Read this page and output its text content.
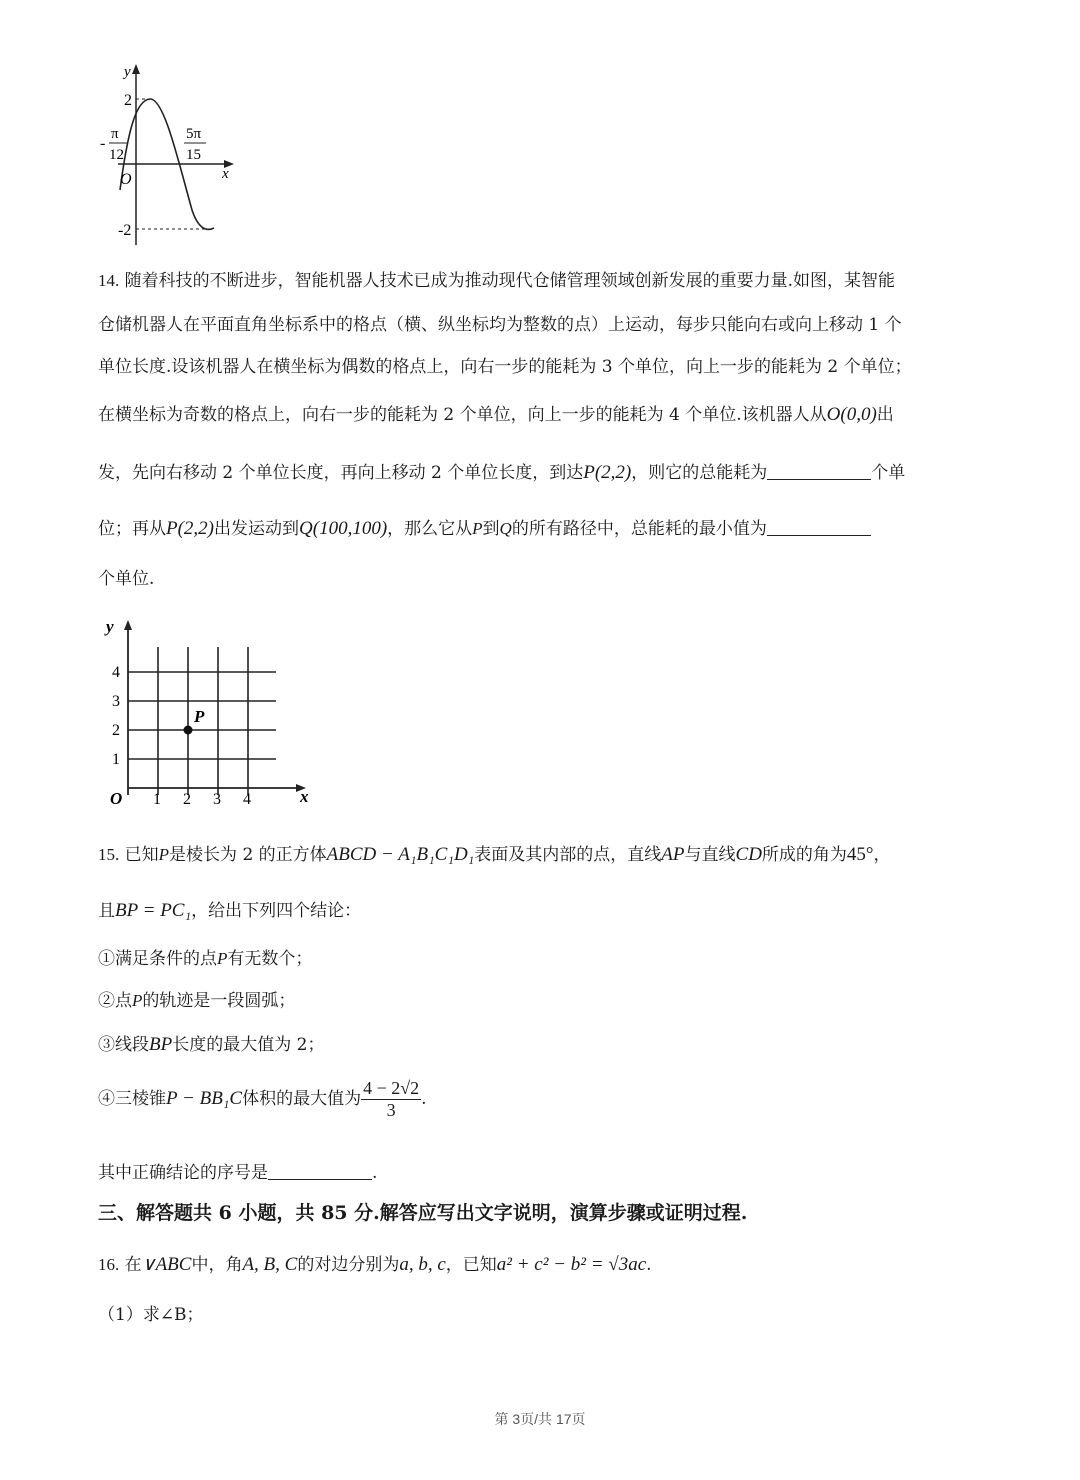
y
x
O
2
-2
-
π
12
5π
15
14. 随着科技的不断进步，智能机器人技术已成为推动现代仓储管理领域创新发展的重要力量.如图，某智能
仓储机器人在平面直角坐标系中的格点（横、纵坐标均为整数的点）上运动，每步只能向右或向上移动 1 个
单位长度.设该机器人在横坐标为偶数的格点上，向右一步的能耗为 3 个单位，向上一步的能耗为 2 个单位；
在横坐标为奇数的格点上，向右一步的能耗为 2 个单位，向上一步的能耗为 4 个单位.该机器人从O(0,0)出
发，先向右移动 2 个单位长度，再向上移动 2 个单位长度，到达P(2,2)，则它的总能耗为	个单
位；再从P(2,2)出发运动到Q(100,100)，那么它从P到Q的所有路径中，总能耗的最小值为
个单位.
P
y
x
O 1 2 3 4
1
2
3
4
15. 已知P是棱长为 2 的正方体ABCD − A₁B₁C₁D₁表面及其内部的点，直线AP与直线CD所成的角为45°，
且BP = PC₁，给出下列四个结论：
①满足条件的点P有无数个；
②点P的轨迹是一段圆弧；
③线段BP长度的最大值为 2；
④三棱锥P − BB₁C体积的最大值为 $\frac{4 - 2√2}{3}$ .
其中正确结论的序号是	.
三、解答题共 6 小题，共 85 分.解答应写出文字说明，演算步骤或证明过程.
16. 在∨ABC中，角A, B, C的对边分别为a, b, c，已知a² + c² − b² = √3ac.
（1）求∠B；
第 3页/共 17页
